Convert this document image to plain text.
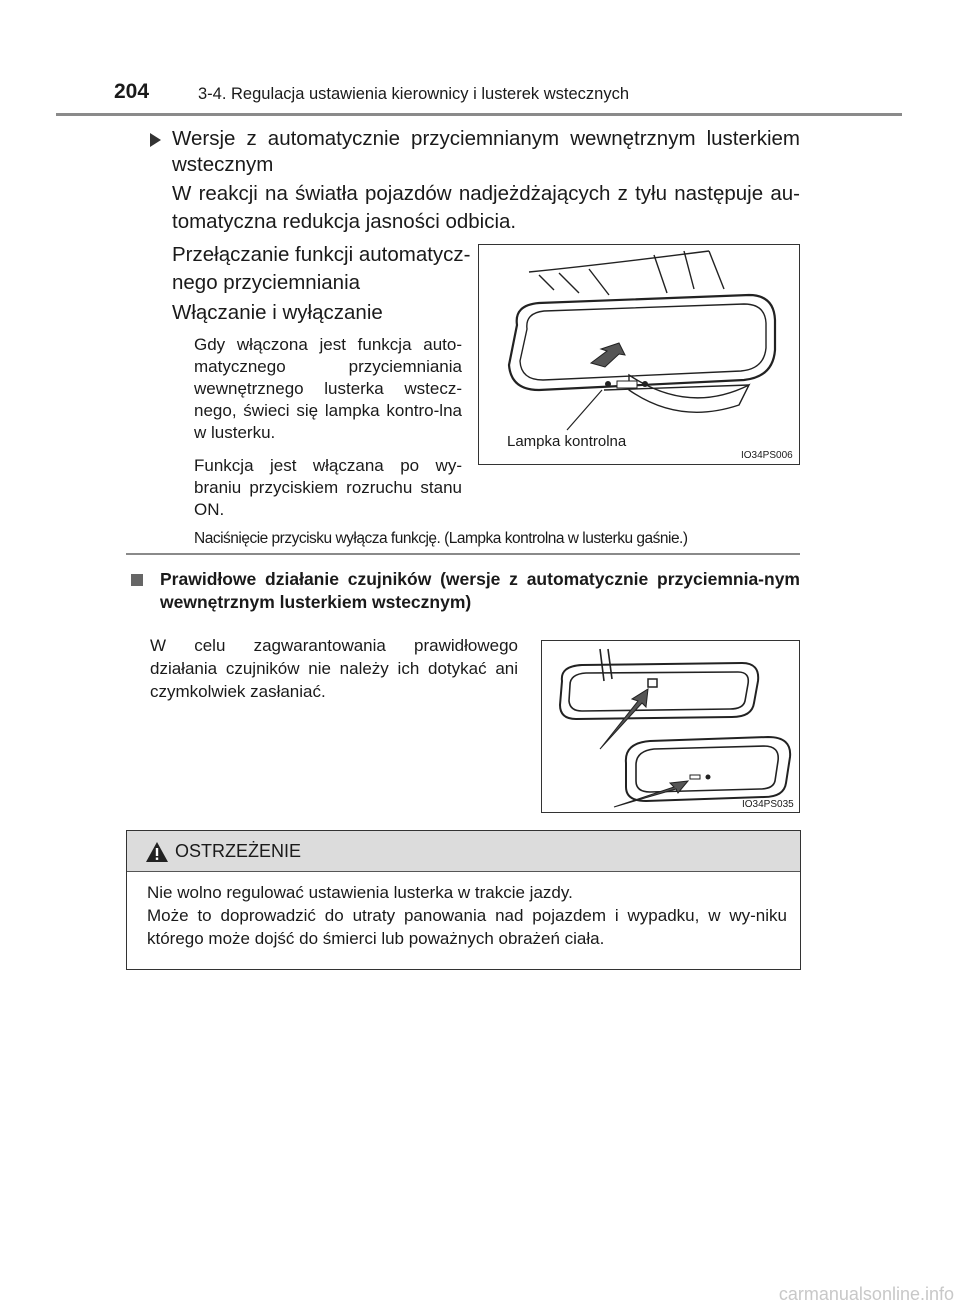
204	3-4. Regulacja ustawienia kierownicy i lusterek wstecznych
Wersje z automatycznie przyciemnianym wewnętrznym lusterkiem wstecznym
W reakcji na światła pojazdów nadjeżdżających z tyłu następuje au-tomatyczna redukcja jasności odbicia.
Przełączanie funkcji automatycz-
nego przyciemniania
Włączanie i wyłączanie
Gdy włączona jest funkcja auto-matycznego przyciemniania wewnętrznego lusterka wstecz-nego, świeci się lampka kontro-lna w lusterku.
Funkcja jest włączana po wy-braniu przyciskiem rozruchu stanu ON.
Naciśnięcie przycisku wyłącza funkcję. (Lampka kontrolna w lusterku gaśnie.)
Lampka kontrolna
IO34PS006
Prawidłowe działanie czujników (wersje z automatycznie przyciemnia-nym wewnętrznym lusterkiem wstecznym)
W celu zagwarantowania prawidłowego działania czujników nie należy ich dotykać ani czymkolwiek zasłaniać.
IO34PS035
OSTRZEŻENIE
Nie wolno regulować ustawienia lusterka w trakcie jazdy.
Może to doprowadzić do utraty panowania nad pojazdem i wypadku, w wy-niku którego może dojść do śmierci lub poważnych obrażeń ciała.
carmanualsonline.info
